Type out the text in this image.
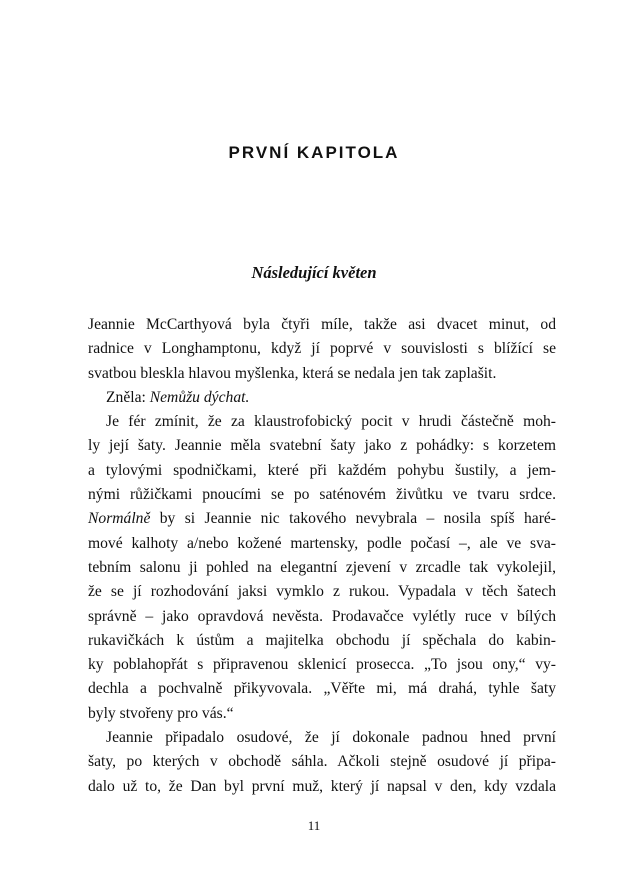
PRVNÍ KAPITOLA
Následující květen
Jeannie McCarthyová byla čtyři míle, takže asi dvacet minut, od
radnice v Longhamptonu, když jí poprvé v souvislosti s blížící se
svatbou bleskla hlavou myšlenka, která se nedala jen tak zaplašit.
Zněla: Nemůžu dýchat.
Je fér zmínit, že za klaustrofobický pocit v hrudi částečně moh-
ly její šaty. Jeannie měla svatební šaty jako z pohádky: s korzetem
a tylovými spodničkami, které při každém pohybu šustily, a jem-
nými růžičkami pnoucími se po saténovém živůtku ve tvaru srdce.
Normálně by si Jeannie nic takového nevybrala – nosila spíš haré-
mové kalhoty a/nebo kožené martensky, podle počasí –, ale ve sva-
tebním salonu ji pohled na elegantní zjevení v zrcadle tak vykolejil,
že se jí rozhodování jaksi vymklo z rukou. Vypadala v těch šatech
správně – jako opravdová nevěsta. Prodavačce vylétly ruce v bílých
rukavičkách k ústům a majitelka obchodu jí spěchala do kabin-
ky poblahopřát s připravenou sklenicí prosecca. „To jsou ony,“ vy-
dechla a pochvalně přikyvovala. „Věřte mi, má drahá, tyhle šaty
byly stvořeny pro vás.“
Jeannie připadalo osudové, že jí dokonale padnou hned první
šaty, po kterých v obchodě sáhla. Ačkoli stejně osudové jí připa-
dalo už to, že Dan byl první muž, který jí napsal v den, kdy vzdala
11
